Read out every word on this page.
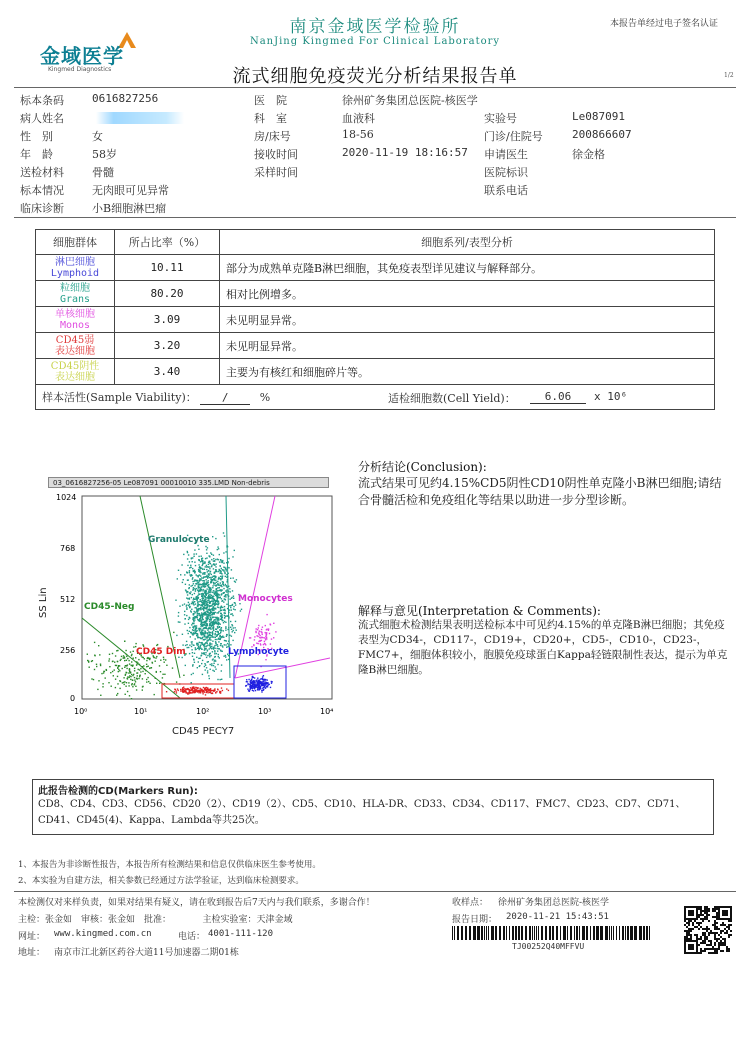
金域医学
Kingmed Diagnostics
南京金域医学检验所
NanJing Kingmed For Clinical Laboratory
本报告单经过电子签名认证
流式细胞免疫荧光分析结果报告单	1/2
标本条码	0616827256
病人姓名
性　别	女
年　龄	58岁
送检材料	骨髓
标本情况	无肉眼可见异常
临床诊断	小B细胞淋巴瘤
医　院	徐州矿务集团总医院-核医学
科　室	血液科
房/床号	18-56
接收时间	2020-11-19 18:16:57
采样时间
实验号	Le087091
门诊/住院号	200866607
申请医生	徐金格
医院标识
联系电话
细胞群体	所占比率（%）	细胞系列/表型分析

淋巴细胞
Lymphoid	10.11	部分为成熟单克隆B淋巴细胞，其免疫表型详见建议与解释部分。

粒细胞
Grans	80.20	相对比例增多。

单核细胞
Monos	3.09	未见明显异常。

CD45弱
表达细胞	3.20	未见明显异常。

CD45阴性
表达细胞	3.40	主要为有核红和细胞碎片等。
样本活性(Sample Viability)： / % 适检细胞数(Cell Yield)： 6.06 x 10⁶		
03_0616827256-05 Le087091 00010010 335.LMD Non-debris
1024
768
512
256
0
10⁰	10¹	10²	10³	10⁴
SS Lin
CD45 PECY7
Granulocyte
Monocytes
CD45-Neg
CD45 Dim	Lymphocyte
分析结论(Conclusion):
流式结果可见约4.15%CD5阴性CD10阴性单克隆小B淋巴细胞;请结合骨髓活检和免疫组化等结果以助进一步分型诊断。
解释与意见(Interpretation & Comments):
流式细胞术检测结果表明送检标本中可见约4.15%的单克隆B淋巴细胞；其免疫表型为CD34-，CD117-，CD19+，CD20+，CD5-，CD10-，CD23-，FMC7+，细胞体积较小，胞膜免疫球蛋白Kappa轻链限制性表达，提示为单克隆B淋巴细胞。
此报告检测的CD(Markers Run):
CD8、CD4、CD3、CD56、CD20（2）、CD19（2）、CD5、CD10、HLA-DR、CD33、CD34、CD117、FMC7、CD23、CD7、CD71、CD41、CD45(4)、Kappa、Lambda等共25次。
1、本报告为非诊断性报告，本报告所有检测结果和信息仅供临床医生参考使用。
2、本实验为自建方法，相关参数已经通过方法学验证，达到临床检测要求。
本检测仅对来样负责，如果对结果有疑义，请在收到报告后7天内与我们联系，多谢合作！	收样点： 徐州矿务集团总医院-核医学
主检：张金如　审核：张金如　批准：　　　　主检实验室：天津金域	报告日期： 2020-11-21 15:43:51
网址： www.kingmed.com.cn	电话： 4001-111-120
地址： 南京市江北新区药谷大道11号加速器二期01栋
TJ00252Q40MFFVU
